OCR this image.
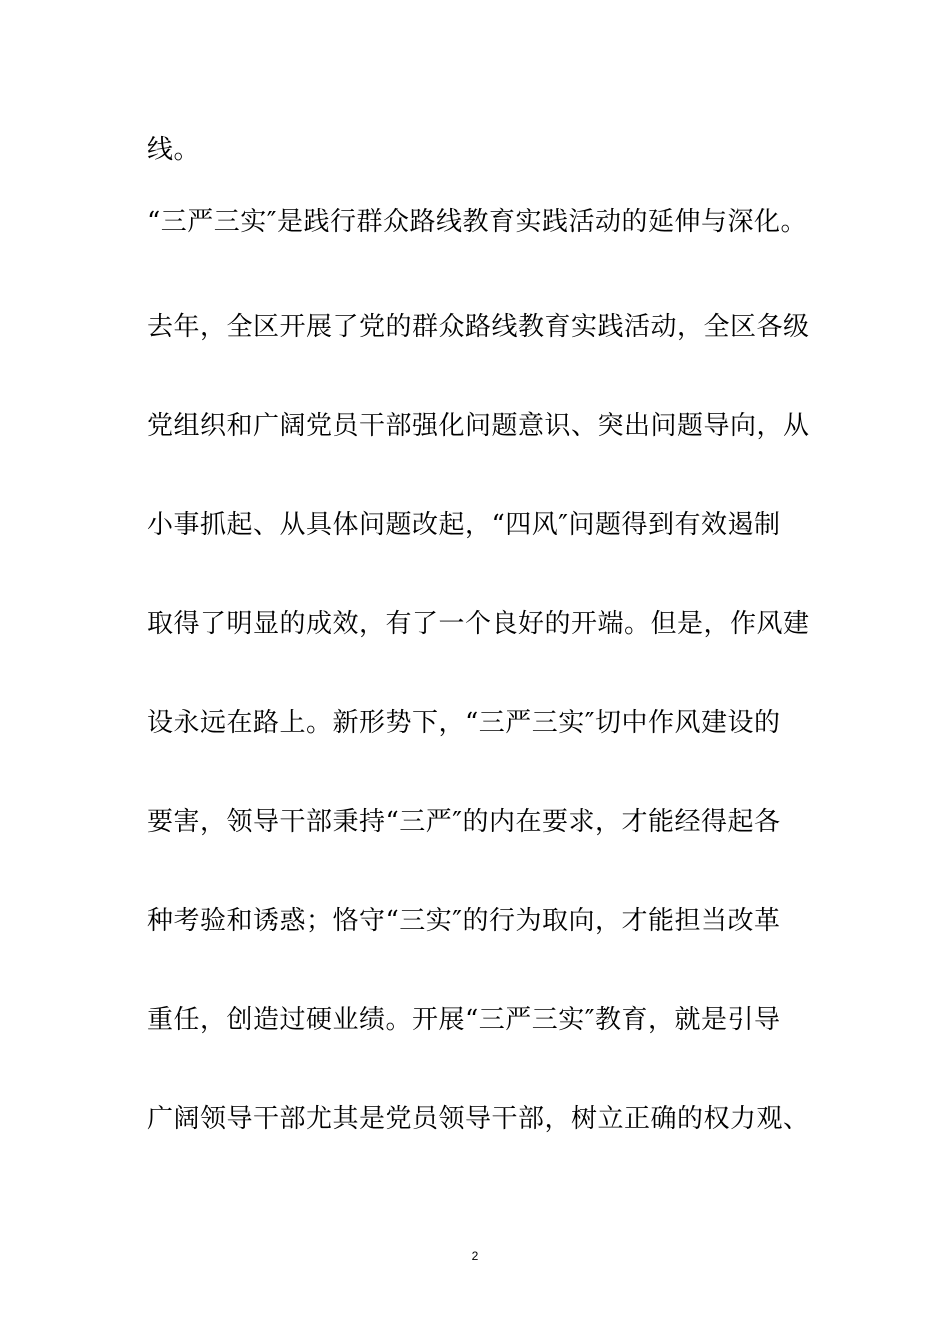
线。
“三严三实″是践行群众路线教育实践活动的延伸与深化。
去年，全区开展了党的群众路线教育实践活动，全区各级
党组织和广阔党员干部强化问题意识、突出问题导向，从
小事抓起、从具体问题改起，“四风″问题得到有效遏制
取得了明显的成效，有了一个良好的开端。但是，作风建
设永远在路上。新形势下，“三严三实″切中作风建设的
要害，领导干部秉持“三严″的内在要求，才能经得起各
种考验和诱惑；恪守“三实″的行为取向，才能担当改革
重任，创造过硬业绩。开展“三严三实″教育，就是引导
广阔领导干部尤其是党员领导干部，树立正确的权力观、
2
